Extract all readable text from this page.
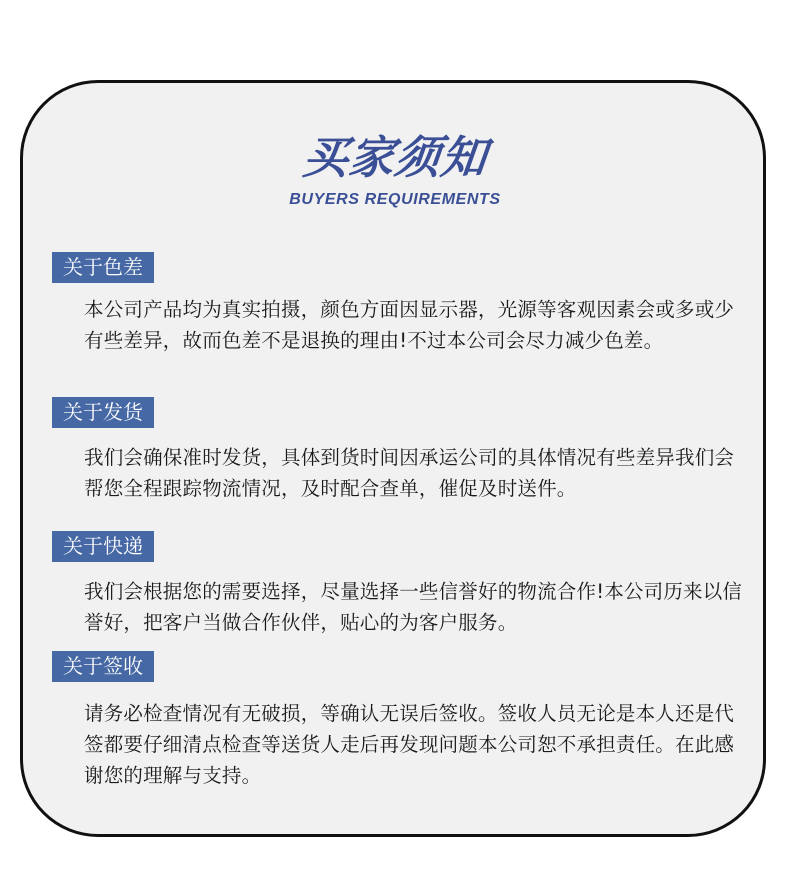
买家须知
BUYERS REQUIREMENTS
关于色差

本公司产品均为真实拍摄，颜色方面因显示器，光源等客观因素会或多或少有些差异，故而色差不是退换的理由!不过本公司会尽力减少色差。

关于发货

我们会确保准时发货，具体到货时间因承运公司的具体情况有些差异我们会帮您全程跟踪物流情况，及时配合查单，催促及时送件。

关于快递

我们会根据您的需要选择，尽量选择一些信誉好的物流合作!本公司历来以信誉好，把客户当做合作伙伴，贴心的为客户服务。

关于签收

请务必检查情况有无破损，等确认无误后签收。签收人员无论是本人还是代签都要仔细清点检查等送货人走后再发现问题本公司恕不承担责任。在此感谢您的理解与支持。
